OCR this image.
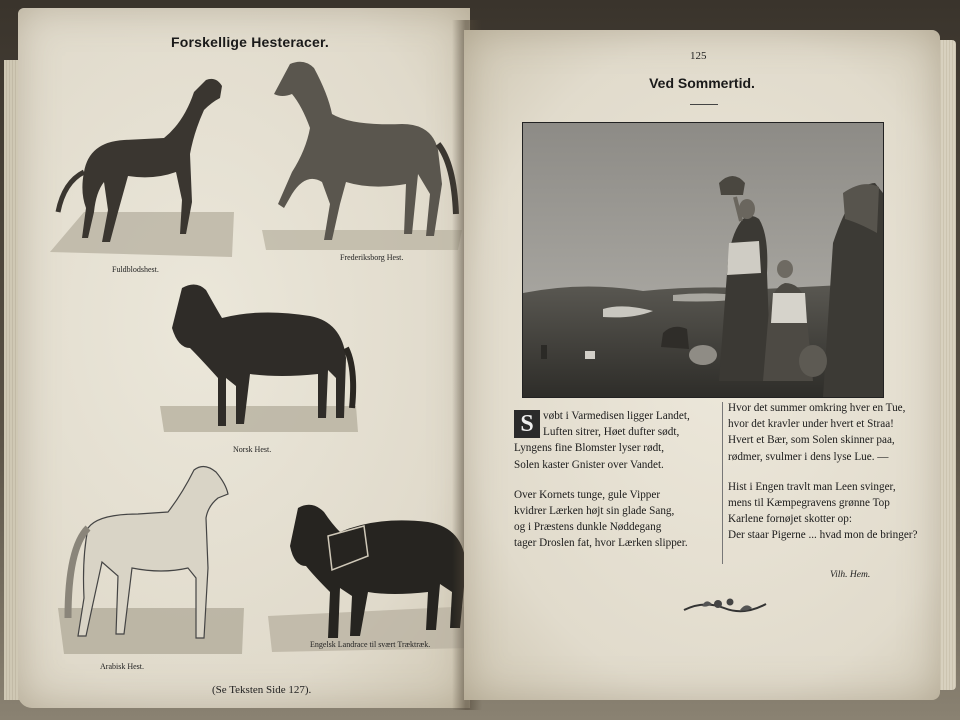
Forskellige Hesteracer.
Fuldblodshest.
Frederiksborg Hest.
Norsk Hest.
Arabisk Hest.
Engelsk Landrace til svært Træktræk.
(Se Teksten Side 127).
125
Ved Sommertid.
S vøbt i Varmedisen ligger Landet,
Luften sitrer, Høet dufter sødt,
Lyngens fine Blomster lyser rødt,
Solen kaster Gnister over Vandet.
Over Kornets tunge, gule Vipper
kvidrer Lærken højt sin glade Sang,
og i Præstens dunkle Nøddegang
tager Droslen fat, hvor Lærken slipper.
Hvor det summer omkring hver en Tue,
hvor det kravler under hvert et Straa!
Hvert et Bær, som Solen skinner paa,
rødmer, svulmer i dens lyse Lue. —
Hist i Engen travlt man Leen svinger,
mens til Kæmpegravens grønne Top
Karlene fornøjet skotter op:
Der staar Pigerne ... hvad mon de bringer?
Vilh. Hem.
